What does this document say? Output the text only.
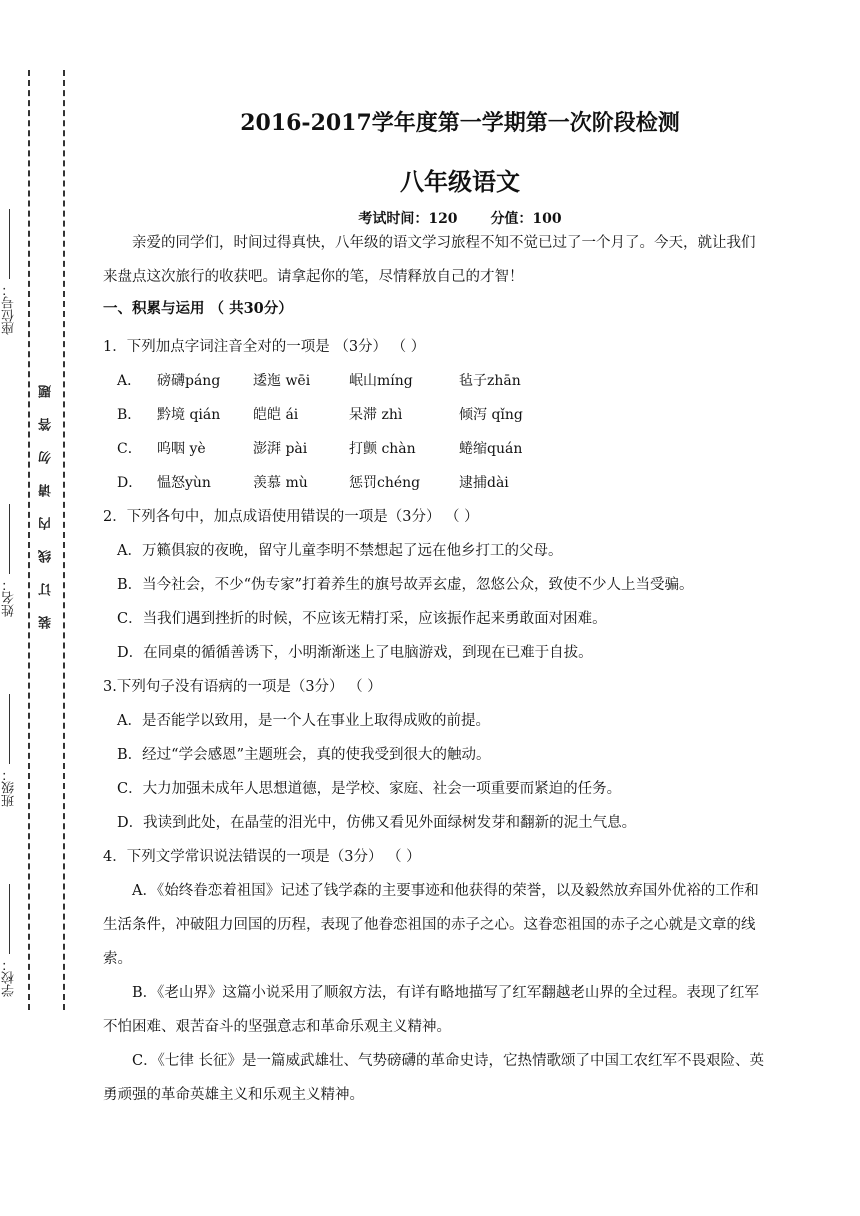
学校：
班级：
姓名：
座位号：
题
答
勿
请
内
线
订
装
2016-2017学年度第一学期第一次阶段检测
八年级语文
考试时间：120 分值：100

亲爱的同学们，时间过得真快，八年级的语文学习旅程不知不觉已过了一个月了。今天，就让我们来盘点这次旅行的收获吧。请拿起你的笔，尽情释放自己的才智！

一、积累与运用 （ 共30分）

1．下列加点字词注音全对的一项是 （3分） （ ）

A．	磅礴páng	逶迤 wēi	岷山míng	毡子zhān
B．	黔境 qián	皑皑 ái	呆滞 zhì	倾泻 qǐng
C．	呜咽 yè	澎湃 pài	打颤 chàn	蜷缩quán
D．	愠怒yùn	羡慕 mù	惩罚chéng	逮捕dài

2．下列各句中，加点成语使用错误的一项是（3分） （ ）

A．万籁俱寂的夜晚，留守儿童李明不禁想起了远在他乡打工的父母。

B．当今社会，不少“伪专家”打着养生的旗号故弄玄虚，忽悠公众，致使不少人上当受骗。

C．当我们遇到挫折的时候，不应该无精打采，应该振作起来勇敢面对困难。

D．在同桌的循循善诱下，小明渐渐迷上了电脑游戏，到现在已难于自拔。

3.下列句子没有语病的一项是（3分） （ ）

A．是否能学以致用，是一个人在事业上取得成败的前提。

B．经过“学会感恩”主题班会，真的使我受到很大的触动。

C．大力加强未成年人思想道德，是学校、家庭、社会一项重要而紧迫的任务。

D．我读到此处，在晶莹的泪光中，仿佛又看见外面绿树发芽和翻新的泥土气息。

4．下列文学常识说法错误的一项是（3分） （ ）

A．《始终眷恋着祖国》记述了钱学森的主要事迹和他获得的荣誉，以及毅然放弃国外优裕的工作和生活条件，冲破阻力回国的历程，表现了他眷恋祖国的赤子之心。这眷恋祖国的赤子之心就是文章的线索。

B．《老山界》这篇小说采用了顺叙方法，有详有略地描写了红军翻越老山界的全过程。表现了红军不怕困难、艰苦奋斗的坚强意志和革命乐观主义精神。

C．《七律 长征》是一篇威武雄壮、气势磅礴的革命史诗，它热情歌颂了中国工农红军不畏艰险、英勇顽强的革命英雄主义和乐观主义精神。
